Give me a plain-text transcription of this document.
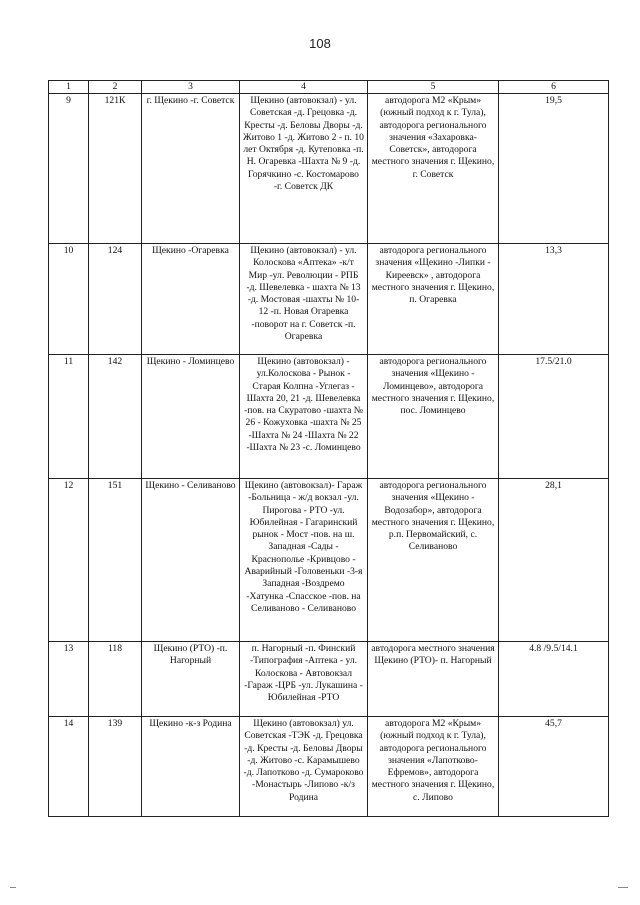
108
1	2	3	4	5	6
9	121К	г. Щекино -г. Советск	Щекино (автовокзал) - ул. Советская -д. Грецовка -д. Кресты -д. Беловы Дворы -д. Житово 1 -д. Житово 2 - п. 10 лет Октября -д. Кутеповка -п. Н. Огаревка -Шахта № 9 -д. Горячкино -с. Костомарово -г. Советск ДК	автодорога М2 «Крым» (южный подход к г. Тула), автодорога регионального значения «Захаровка-Советск», автодорога местного значения г. Щекино, г. Советск	19,5
10	124	Щекино -Огаревка	Щекино (автовокзал) - ул. Колоскова «Аптека» -к/т Мир -ул. Революции - РПБ -д. Шевелевка - шахта № 13 -д. Мостовая -шахты № 10-12 -п. Новая Огаревка -поворот на г. Советск -п. Огаревка	автодорога регионального значения «Щекино -Липки - Киреевск» , автодорога местного значения г. Щекино, п. Огаревка	13,3
11	142	Щекино - Ломинцево	Щекино (автовокзал) - ул.Колоскова - Рынок - Старая Колпна -Углегаз - Шахта 20, 21 -д. Шевелевка -пов. на Скуратово -шахта № 26 - Кожуховка -шахта № 25 -Шахта № 24 -Шахта № 22 -Шахта № 23 -с. Ломинцево	автодорога регионального значения «Щекино - Ломинцево», автодорога местного значения г. Щекино, пос. Ломинцево	17.5/21.0
12	151	Щекино - Селиваново	Щекино (автовокзал)- Гараж -Больница - ж/д вокзал -ул. Пирогова - РТО -ул. Юбилейная - Гагаринский рынок - Мост -пов. на ш. Западная -Сады - Краснополье -Кривцово - Аварийный -Головеньки -3-я Западная -Воздремо -Хатунка -Спасское -пов. на Селиваново - Селиваново	автодорога регионального значения «Щекино - Водозабор», автодорога местного значения г. Щекино, р.п. Первомайский, с. Селиваново	28,1
13	118	Щекино (РТО) -п. Нагорный	п. Нагорный -п. Финский -Типография -Аптека - ул. Колоскова - Автовокзал -Гараж -ЦРБ -ул. Лукашина - Юбилейная -РТО	автодорога местного значения Щекино (РТО)- п. Нагорный	4.8 /9.5/14.1
14	139	Щекино -к-з Родина	Щекино (автовокзал) ул. Советская -ТЭК -д. Грецовка -д. Кресты -д. Беловы Дворы -д. Житово -с. Карамышево -д. Лапотково -д. Сумароково -Монастырь -Липово -к/з Родина	автодорога М2 «Крым» (южный подход к г. Тула), автодорога регионального значения «Лапотково- Ефремов», автодорога местного значения г. Щекино, с. Липово	45,7
